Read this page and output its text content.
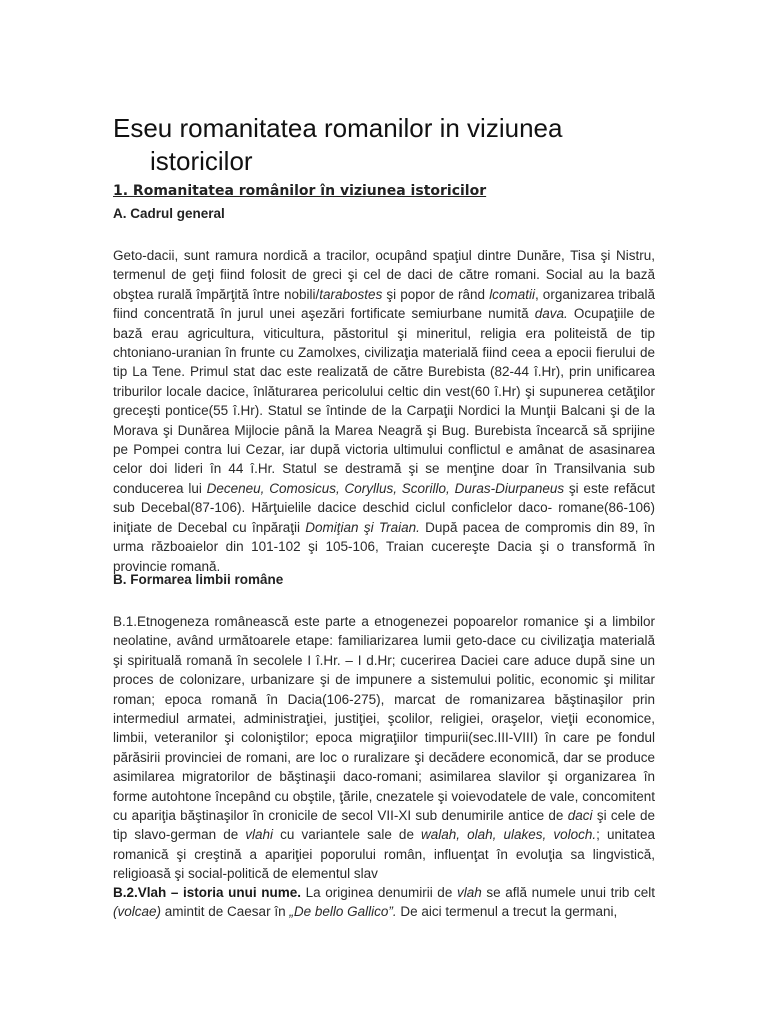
Eseu romanitatea romanilor in viziunea
istoricilor
1. Romanitatea românilor în viziunea istoricilor
A. Cadrul general

Geto-dacii, sunt ramura nordică a tracilor, ocupând spaţiul dintre Dunăre, Tisa şi Nistru, termenul de geţi fiind folosit de greci şi cel de daci de către romani. Social au la bază obştea rurală împărţită între nobili/tarabostes şi popor de rând lcomatii, organizarea tribală fiind concentrată în jurul unei aşezări fortificate semiurbane numită dava. Ocupaţiile de bază erau agricultura, viticultura, păstoritul şi mineritul, religia era politeistă de tip chtoniano-uranian în frunte cu Zamolxes, civilizaţia materială fiind ceea a epocii fierului de tip La Tene. Primul stat dac este realizată de către Burebista (82-44 î.Hr), prin unificarea triburilor locale dacice, înlăturarea pericolului celtic din vest(60 î.Hr) şi supunerea cetăţilor greceşti pontice(55 î.Hr). Statul se întinde de la Carpaţii Nordici la Munţii Balcani şi de la Morava şi Dunărea Mijlocie până la Marea Neagră şi Bug. Burebista încearcă să sprijine pe Pompei contra lui Cezar, iar după victoria ultimului conflictul e amânat de asasinarea celor doi lideri în 44 î.Hr. Statul se destramă şi se menţine doar în Transilvania sub conducerea lui Deceneu, Comosicus, Coryllus, Scorillo, Duras-Diurpaneus şi este refăcut sub Decebal(87-106). Hărţuielile dacice deschid ciclul conficlelor daco- romane(86-106) iniţiate de Decebal cu înpăraţii Domiţian şi Traian. După pacea de compromis din 89, în urma războaielor din 101-102 şi 105-106, Traian cucereşte Dacia şi o transformă în provincie romană.

B. Formarea limbii române

B.1.Etnogeneza românească este parte a etnogenezei popoarelor romanice şi a limbilor neolatine, având următoarele etape: familiarizarea lumii geto-dace cu civilizaţia materială şi spirituală romană în secolele I î.Hr. – I d.Hr; cucerirea Daciei care aduce după sine un proces de colonizare, urbanizare şi de impunere a sistemului politic, economic şi militar roman; epoca romană în Dacia(106-275), marcat de romanizarea băştinaşilor prin intermediul armatei, administraţiei, justiţiei, şcolilor, religiei, oraşelor, vieţii economice, limbii, veteranilor şi coloniştilor; epoca migraţiilor timpurii(sec.III-VIII) în care pe fondul părăsirii provinciei de romani, are loc o ruralizare şi decădere economică, dar se produce asimilarea migratorilor de băştinaşii daco-romani; asimilarea slavilor şi organizarea în forme autohtone începând cu obştile, ţările, cnezatele şi voievodatele de vale, concomitent cu apariţia băştinaşilor în cronicile de secol VII-XI sub denumirile antice de daci şi cele de tip slavo-german de vlahi cu variantele sale de walah, olah, ulakes, voloch.; unitatea romanică şi creştină a apariţiei poporului român, influenţat în evoluţia sa lingvistică, religioasă şi social-politică de elementul slav

B.2.Vlah – istoria unui nume. La originea denumirii de vlah se află numele unui trib celt (volcae) amintit de Caesar în „De bello Gallico”. De aici termenul a trecut la germani,
